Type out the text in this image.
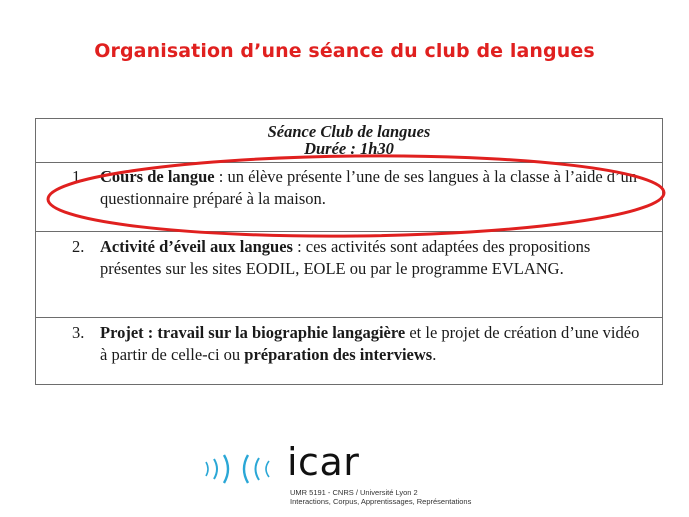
Organisation d’une séance du club de langues
Séance Club de langues
Durée : 1h30
1. Cours de langue : un élève présente l’une de ses langues à la classe à l’aide d’un questionnaire préparé à la maison.
2. Activité d’éveil aux langues : ces activités sont adaptées des propositions présentes sur les sites EODIL, EOLE ou par le programme EVLANG.
3. Projet : travail sur la biographie langagière et le projet de création d’une vidéo à partir de celle-ci ou préparation des interviews.
icar
UMR 5191 - CNRS / Université Lyon 2
Interactions, Corpus, Apprentissages, Représentations
